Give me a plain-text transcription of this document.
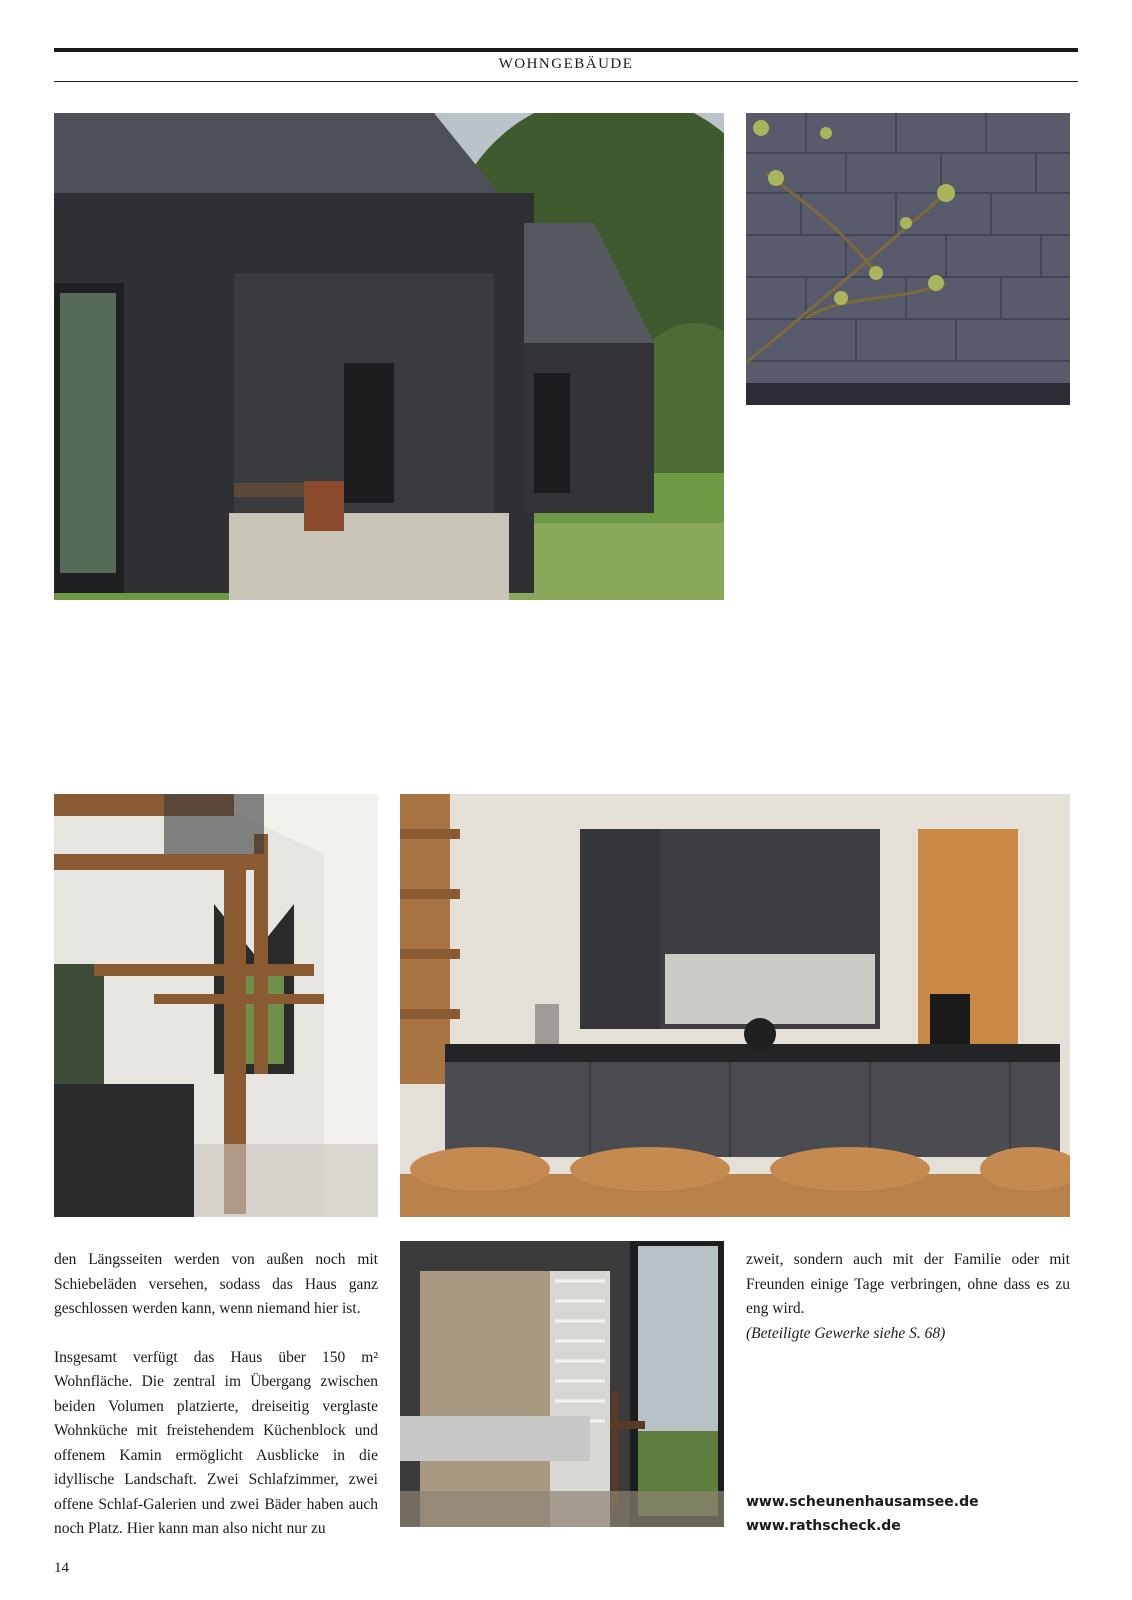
WOHNGEBÄUDE

den Längsseiten werden von außen noch mit Schiebeläden versehen, sodass das Haus ganz geschlossen werden kann, wenn niemand hier ist.

Insgesamt verfügt das Haus über 150 m² Wohnfläche. Die zentral im Übergang zwischen beiden Volumen platzierte, dreiseitig verglaste Wohnküche mit freistehendem Küchenblock und offenem Kamin ermöglicht Ausblicke in die idyllische Landschaft. Zwei Schlafzimmer, zwei offene Schlaf-Galerien und zwei Bäder haben auch noch Platz. Hier kann man also nicht nur zu

zweit, sondern auch mit der Familie oder mit Freunden einige Tage verbringen, ohne dass es zu eng wird.

(Beteiligte Gewerke siehe S. 68)

www.scheunenhausamsee.de
www.rathscheck.de
14
